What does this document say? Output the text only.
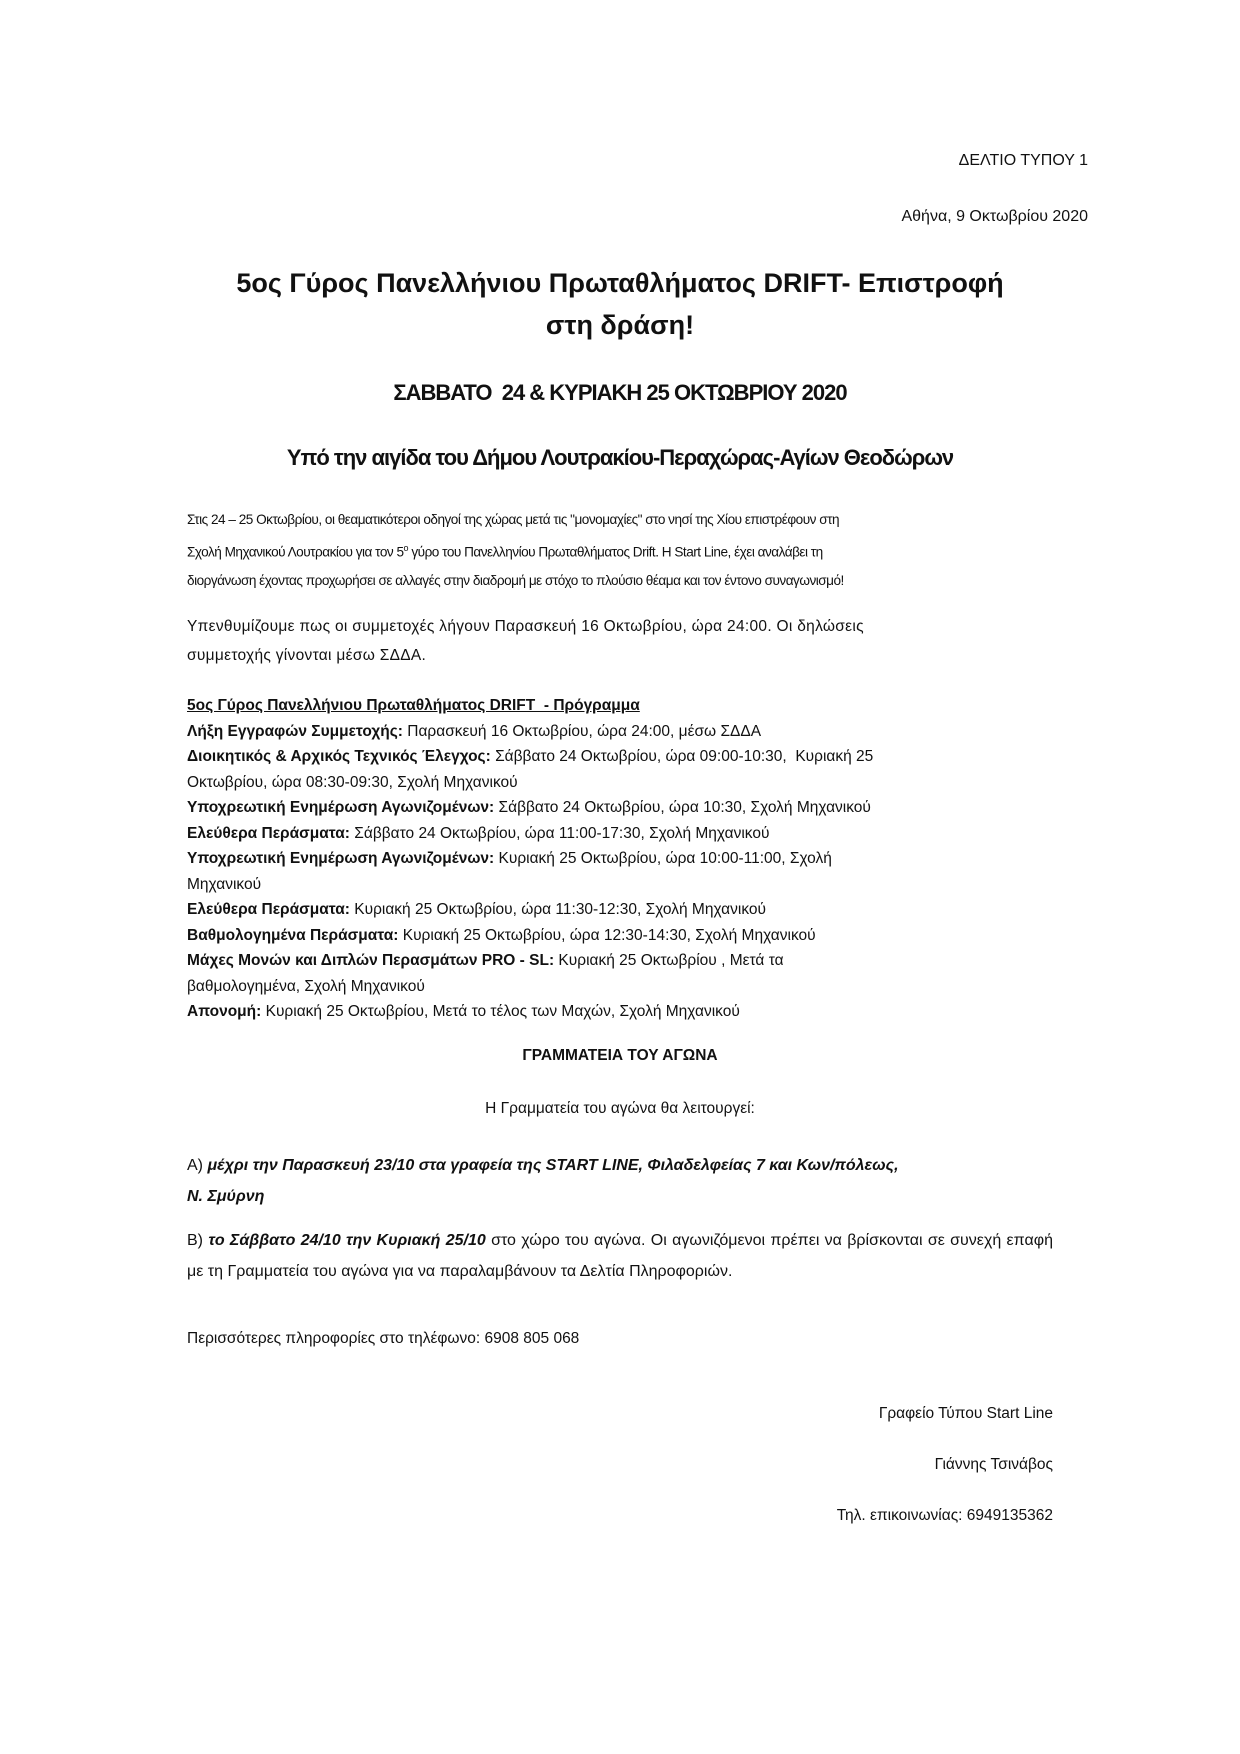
ΔΕΛΤΙΟ ΤΥΠΟΥ 1
Αθήνα, 9 Οκτωβρίου 2020
5ος Γύρος Πανελλήνιου Πρωταθλήματος DRIFT- Επιστροφή
στη δράση!
ΣΑΒΒΑΤΟ  24 & ΚΥΡΙΑΚΗ 25 ΟΚΤΩΒΡΙΟΥ 2020
Υπό την αιγίδα του Δήμου Λουτρακίου-Περαχώρας-Αγίων Θεοδώρων
Στις 24 – 25 Οκτωβρίου, οι θεαματικότεροι οδηγοί της χώρας μετά τις "μονομαχίες" στο νησί της Χίου επιστρέφουν στη
Σχολή Μηχανικού Λουτρακίου για τον $5^o$ γύρο του Πανελληνίου Πρωταθλήματος Drift. Η Start Line, έχει αναλάβει τη
διοργάνωση έχοντας προχωρήσει σε αλλαγές στην διαδρομή με στόχο το πλούσιο θέαμα και τον έντονο συναγωνισμό!
Υπενθυμίζουμε πως οι συμμετοχές λήγουν Παρασκευή 16 Οκτωβρίου, ώρα 24:00. Οι δηλώσεις
συμμετοχής γίνονται μέσω ΣΔΔΑ.
5ος Γύρος Πανελλήνιου Πρωταθλήματος DRIFT  - Πρόγραμμα
Λήξη Εγγραφών Συμμετοχής: Παρασκευή 16 Οκτωβρίου, ώρα 24:00, μέσω ΣΔΔΑ
Διοικητικός & Αρχικός Τεχνικός Έλεγχος: Σάββατο 24 Οκτωβρίου, ώρα 09:00-10:30,  Κυριακή 25
Οκτωβρίου, ώρα 08:30-09:30, Σχολή Μηχανικού
Υποχρεωτική Ενημέρωση Αγωνιζομένων: Σάββατο 24 Οκτωβρίου, ώρα 10:30, Σχολή Μηχανικού
Ελεύθερα Περάσματα: Σάββατο 24 Οκτωβρίου, ώρα 11:00-17:30, Σχολή Μηχανικού
Υποχρεωτική Ενημέρωση Αγωνιζομένων: Κυριακή 25 Οκτωβρίου, ώρα 10:00-11:00, Σχολή
Μηχανικού
Ελεύθερα Περάσματα: Κυριακή 25 Οκτωβρίου, ώρα 11:30-12:30, Σχολή Μηχανικού
Βαθμολογημένα Περάσματα: Κυριακή 25 Οκτωβρίου, ώρα 12:30-14:30, Σχολή Μηχανικού
Μάχες Μονών και Διπλών Περασμάτων PRO - SL: Κυριακή 25 Οκτωβρίου , Μετά τα
βαθμολογημένα, Σχολή Μηχανικού
Απονομή: Κυριακή 25 Οκτωβρίου, Μετά το τέλος των Μαχών, Σχολή Μηχανικού
ΓΡΑΜΜΑΤΕΙΑ ΤΟΥ ΑΓΩΝΑ
Η Γραμματεία του αγώνα θα λειτουργεί:
Α) μέχρι την Παρασκευή 23/10 στα γραφεία της START LINE, Φιλαδελφείας 7 και Κων/πόλεως,
Ν. Σμύρνη
Β) το Σάββατο 24/10 την Κυριακή 25/10 στο χώρο του αγώνα. Οι αγωνιζόμενοι πρέπει να βρίσκονται σε συνεχή επαφή με τη Γραμματεία του αγώνα για να παραλαμβάνουν τα Δελτία Πληροφοριών.
Περισσότερες πληροφορίες στο τηλέφωνο: 6908 805 068
Γραφείο Τύπου Start Line
Γιάννης Τσινάβος
Τηλ. επικοινωνίας: 6949135362
